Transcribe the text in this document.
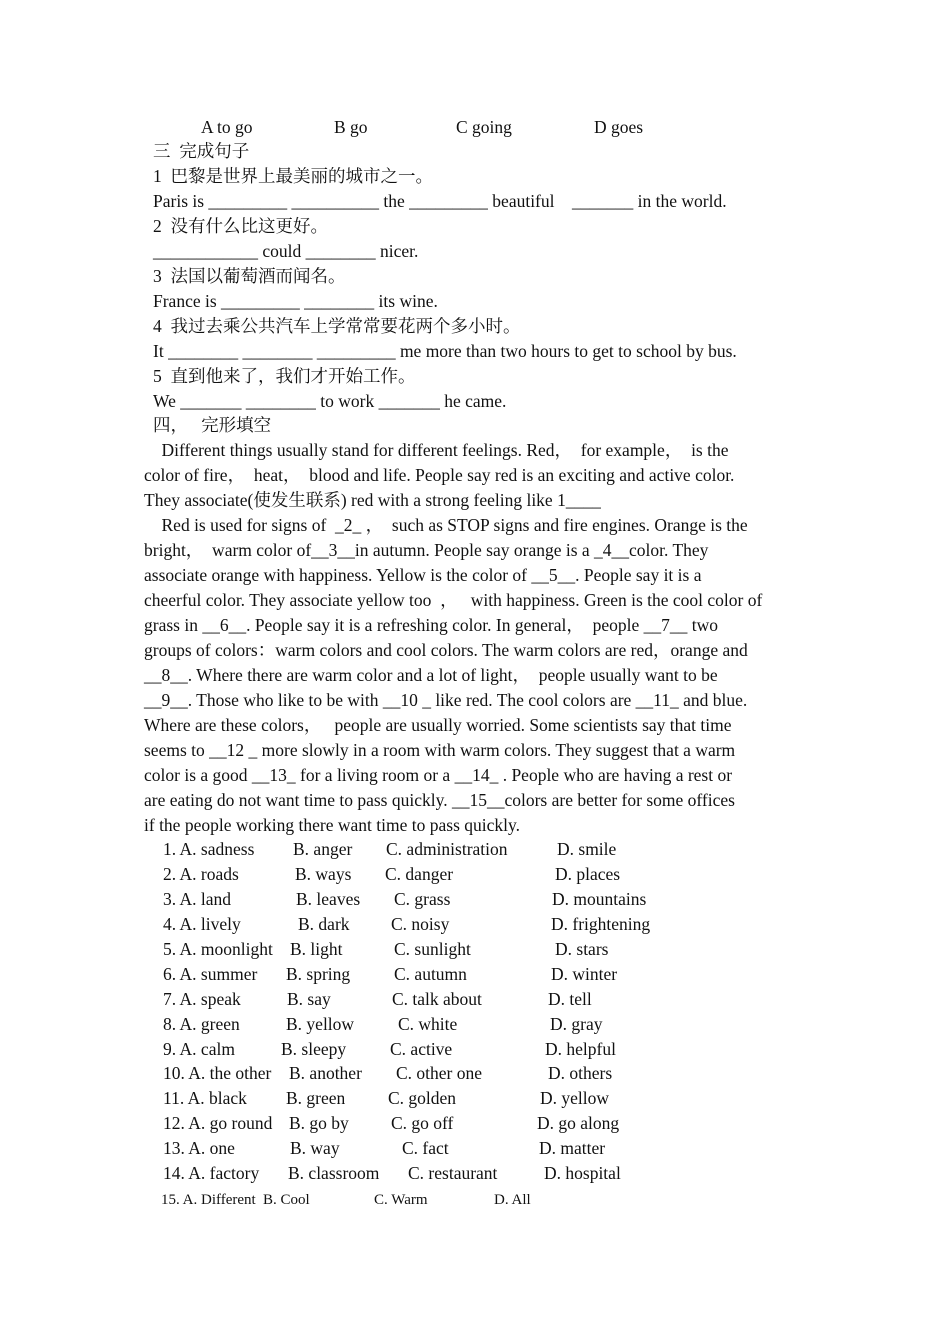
A to go	B go	C going	D goes
三  完成句子
1  巴黎是世界上最美丽的城市之一。
Paris is _________ __________ the _________ beautiful    _______ in the world.
2  没有什么比这更好。
____________ could ________ nicer.
3  法国以葡萄酒而闻名。
France is _________ ________ its wine.
4  我过去乘公共汽车上学常常要花两个多小时。
It ________ ________ _________ me more than two hours to get to school by bus.
5  直到他来了，我们才开始工作。
We _______ ________ to work _______ he came.
四，   完形填空
Different things usually stand for different feelings. Red，  for example，  is the
color of fire，  heat，  blood and life. People say red is an exciting and active color.
They associate(使发生联系) red with a strong feeling like 1____
Red is used for signs of  _2_ ，  such as STOP signs and fire engines. Orange is the
bright，  warm color of__3__in autumn. People say orange is a _4__color. They
associate orange with happiness. Yellow is the color of __5__. People say it is a
cheerful color. They associate yellow too  ，   with happiness. Green is the cool color of
grass in __6__. People say it is a refreshing color. In general，  people __7__ two
groups of colors：warm colors and cool colors. The warm colors are red，orange and
__8__. Where there are warm color and a lot of light，  people usually want to be
__9__. Those who like to be with __10 _ like red. The cool colors are __11_ and blue.
Where are these colors，   people are usually worried. Some scientists say that time
seems to __12 _ more slowly in a room with warm colors. They suggest that a warm
color is a good __13_ for a living room or a __14_ . People who are having a rest or
are eating do not want time to pass quickly. __15__colors are better for some offices
if the people working there want time to pass quickly.
1. A. sadness B. anger C. administration	D. smile
2. A. roads	B. ways C. danger	D. places
3. A. land	B. leaves C. grass	D. mountains
4. A. lively	B. dark C. noisy	D. frightening
5. A. moonlight B. light	C. sunlight	D. stars
6. A. summer B. spring	C. autumn	D. winter
7. A. speak	B. say	C. talk about	D. tell
8. A. green	B. yellow	C. white	D. gray
9. A. calm	B. sleepy	C. active	D. helpful
10. A. the other B. another C. other one	D. others
11. A. black B. green C. golden	D. yellow
12. A. go round B. go by C. go off	D. go along
13. A. one	B. way	C. fact	D. matter
14. A. factory B. classroom C. restaurant	D. hospital
15. A. Different B. Cool	C. Warm	D. All
